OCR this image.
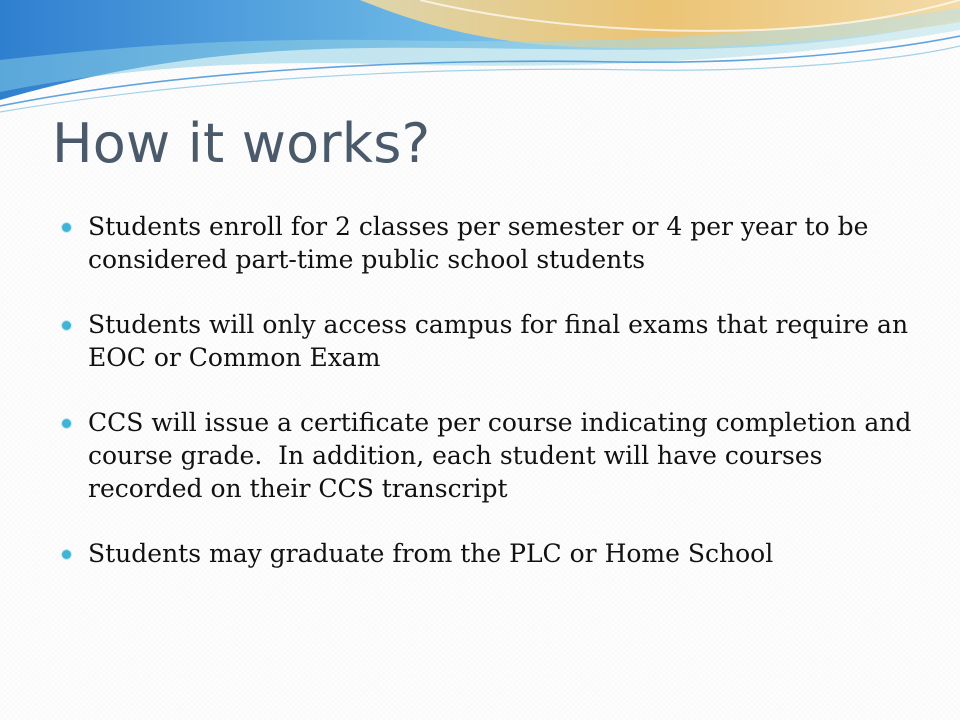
How it works?
Students enroll for 2 classes per semester or 4 per year to be considered part-time public school students
Students will only access campus for final exams that require an EOC or Common Exam
CCS will issue a certificate per course indicating completion and course grade.  In addition, each student will have courses recorded on their CCS transcript
Students may graduate from the PLC or Home School
